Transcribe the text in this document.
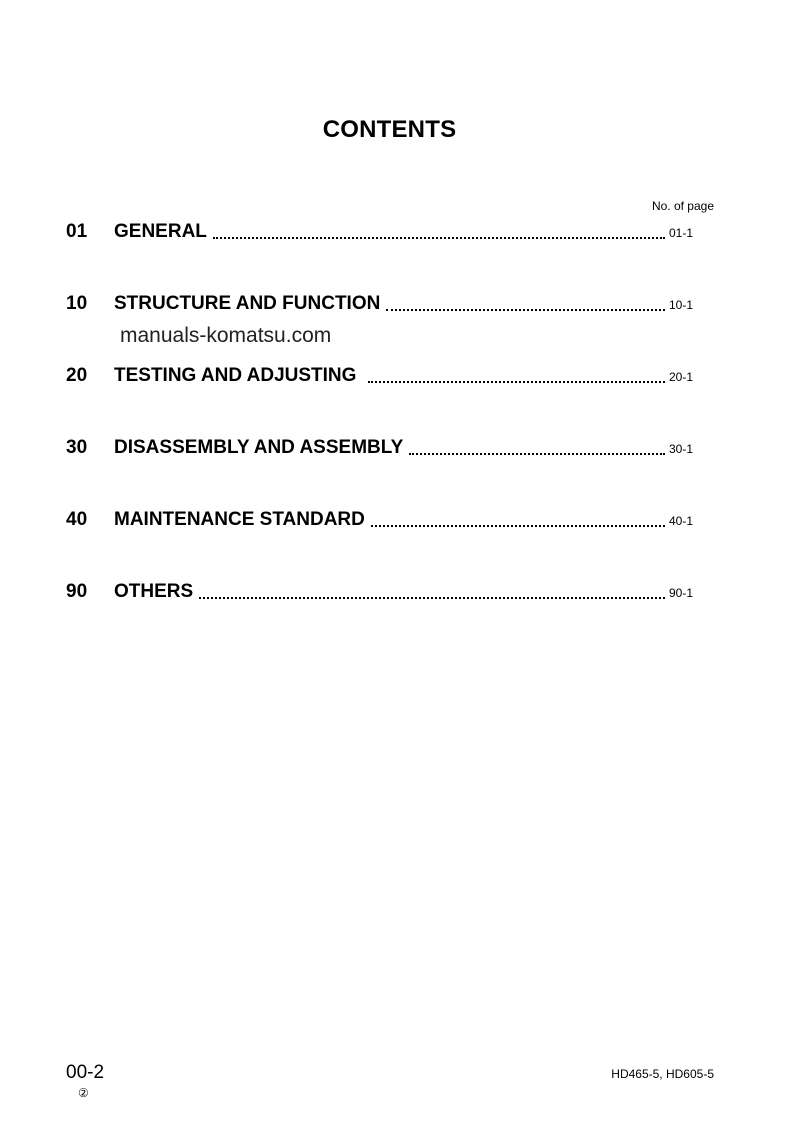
CONTENTS
No. of page
01	GENERAL	01-1
10	STRUCTURE AND FUNCTION	10-1
manuals-komatsu.com
20	TESTING AND ADJUSTING	20-1
30	DISASSEMBLY AND ASSEMBLY	30-1
40	MAINTENANCE STANDARD	40-1
90	OTHERS	90-1
00-2
②
HD465-5, HD605-5
